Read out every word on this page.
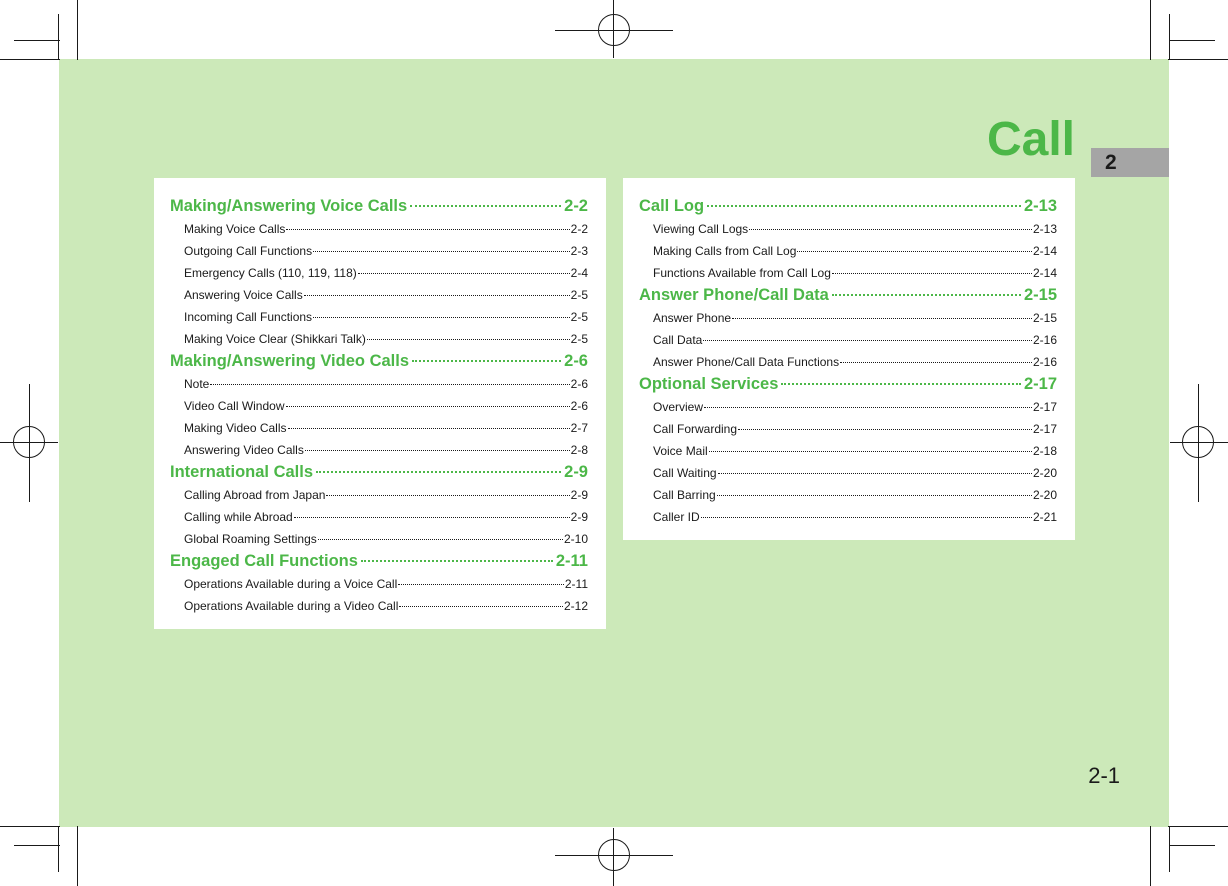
Call	2
Making/Answering Voice Calls	2-2
Making Voice Calls	2-2
Outgoing Call Functions	2-3
Emergency Calls (110, 119, 118)	2-4
Answering Voice Calls	2-5
Incoming Call Functions	2-5
Making Voice Clear (Shikkari Talk)	2-5
Making/Answering Video Calls	2-6
Note	2-6
Video Call Window	2-6
Making Video Calls	2-7
Answering Video Calls	2-8
International Calls	2-9
Calling Abroad from Japan	2-9
Calling while Abroad	2-9
Global Roaming Settings	2-10
Engaged Call Functions	2-11
Operations Available during a Voice Call	2-11
Operations Available during a Video Call	2-12
Call Log	2-13
Viewing Call Logs	2-13
Making Calls from Call Log	2-14
Functions Available from Call Log	2-14
Answer Phone/Call Data	2-15
Answer Phone	2-15
Call Data	2-16
Answer Phone/Call Data Functions	2-16
Optional Services	2-17
Overview	2-17
Call Forwarding	2-17
Voice Mail	2-18
Call Waiting	2-20
Call Barring	2-20
Caller ID	2-21
2-1
